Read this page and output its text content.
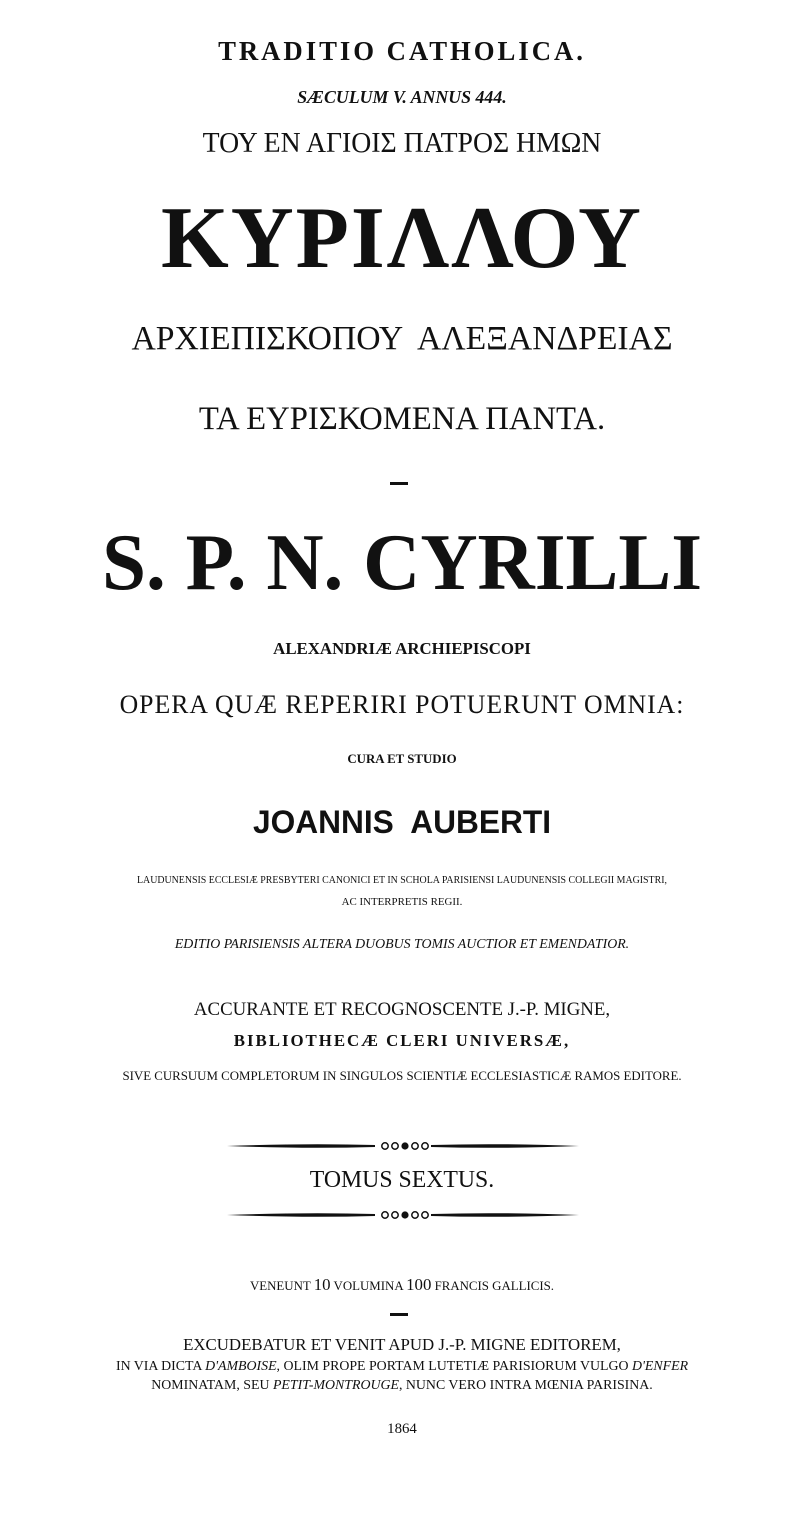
TRADITIO CATHOLICA.
SÆCULUM V. ANNUS 444.
ΤΟΥ ΕΝ ΑΓΙΟΙΣ ΠΑΤΡΟΣ ΗΜΩΝ
ΚΥΡΙΛΛΟΥ
ΑΡΧΙΕΠΙΣΚΟΠΟΥ  ΑΛΕΞΑΝΔΡΕΙΑΣ
ΤΑ ΕΥΡΙΣΚΟΜΕΝΑ ΠΑΝΤΑ.
S. P. N. CYRILLI
ALEXANDRIÆ ARCHIEPISCOPI
OPERA QUÆ REPERIRI POTUERUNT OMNIA:
CURA ET STUDIO
JOANNIS  AUBERTI
LAUDUNENSIS ECCLESIÆ PRESBYTERI CANONICI ET IN SCHOLA PARISIENSI LAUDUNENSIS COLLEGII MAGISTRI,
AC INTERPRETIS REGII.
EDITIO PARISIENSIS ALTERA DUOBUS TOMIS AUCTIOR ET EMENDATIOR.
ACCURANTE ET RECOGNOSCENTE J.-P. MIGNE,
BIBLIOTHECÆ CLERI UNIVERSÆ,
SIVE CURSUUM COMPLETORUM IN SINGULOS SCIENTIÆ ECCLESIASTICÆ RAMOS EDITORE.
TOMUS SEXTUS.
VENEUNT 10 VOLUMINA 100 FRANCIS GALLICIS.
EXCUDEBATUR ET VENIT APUD J.-P. MIGNE EDITOREM,
IN VIA DICTA D'AMBOISE, OLIM PROPE PORTAM LUTETIÆ PARISIORUM VULGO D'ENFER
NOMINATAM, SEU PETIT-MONTROUGE, NUNC VERO INTRA MŒNIA PARISINA.
1864
